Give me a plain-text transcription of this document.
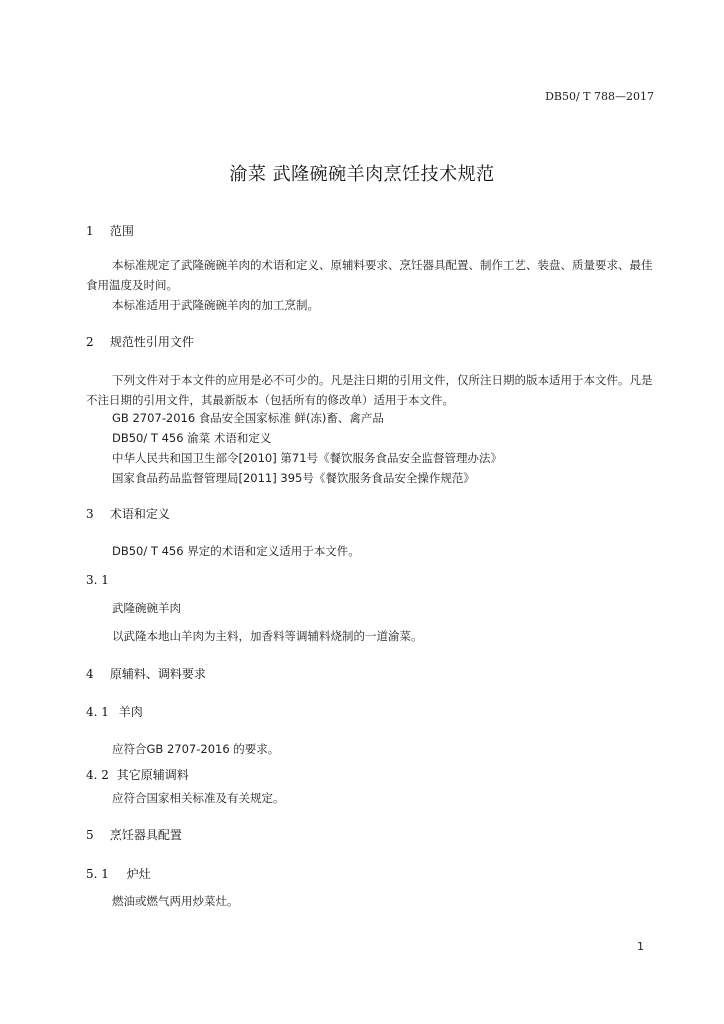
DB50/ T 788—2017
渝菜 武隆碗碗羊肉烹饪技术规范
1 范围
本标准规定了武隆碗碗羊肉的术语和定义、原辅料要求、烹饪器具配置、制作工艺、装盘、质量要求、最佳食用温度及时间。
本标准适用于武隆碗碗羊肉的加工烹制。
2 规范性引用文件
下列文件对于本文件的应用是必不可少的。凡是注日期的引用文件，仅所注日期的版本适用于本文件。凡是不注日期的引用文件，其最新版本（包括所有的修改单）适用于本文件。
GB 2707-2016 食品安全国家标准 鲜(冻)畜、禽产品
DB50/ T 456 渝菜 术语和定义
中华人民共和国卫生部令[2010] 第71号《餐饮服务食品安全监督管理办法》
国家食品药品监督管理局[2011] 395号《餐饮服务食品安全操作规范》
3 术语和定义
DB50/ T 456 界定的术语和定义适用于本文件。
3. 1
武隆碗碗羊肉
以武隆本地山羊肉为主料，加香料等调辅料烧制的一道渝菜。
4 原辅料、调料要求
4. 1 羊肉
应符合GB 2707-2016 的要求。
4. 2 其它原辅调料
应符合国家相关标准及有关规定。
5 烹饪器具配置
5. 1 炉灶
燃油或燃气两用炒菜灶。
1
